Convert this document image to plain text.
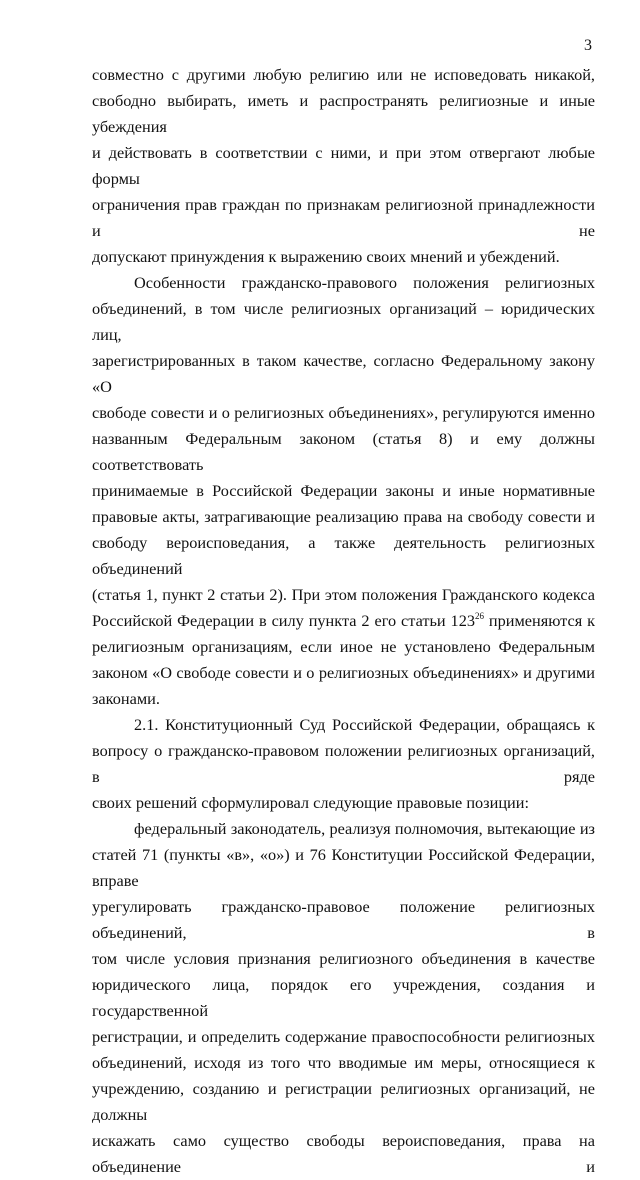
3

совместно с другими любую религию или не исповедовать никакой,

свободно выбирать, иметь и распространять религиозные и иные убеждения

и действовать в соответствии с ними, и при этом отвергают любые формы

ограничения прав граждан по признакам религиозной принадлежности и не

допускают принуждения к выражению своих мнений и убеждений.

Особенности гражданско-правового положения религиозных

объединений, в том числе религиозных организаций – юридических лиц,

зарегистрированных в таком качестве, согласно Федеральному закону «О

свободе совести и о религиозных объединениях», регулируются именно

названным Федеральным законом (статья 8) и ему должны соответствовать

принимаемые в Российской Федерации законы и иные нормативные

правовые акты, затрагивающие реализацию права на свободу совести и

свободу вероисповедания, а также деятельность религиозных объединений

(статья 1, пункт 2 статьи 2). При этом положения Гражданского кодекса

Российской Федерации в силу пункта 2 его статьи $123^{26}$ применяются к

религиозным организациям, если иное не установлено Федеральным

законом «О свободе совести и о религиозных объединениях» и другими

законами.

2.1. Конституционный Суд Российской Федерации, обращаясь к

вопросу о гражданско-правовом положении религиозных организаций, в ряде

своих решений сформулировал следующие правовые позиции:

федеральный законодатель, реализуя полномочия, вытекающие из

статей 71 (пункты «в», «о») и 76 Конституции Российской Федерации, вправе

урегулировать гражданско-правовое положение религиозных объединений, в

том числе условия признания религиозного объединения в качестве

юридического лица, порядок его учреждения, создания и государственной

регистрации, и определить содержание правоспособности религиозных

объединений, исходя из того что вводимые им меры, относящиеся к

учреждению, созданию и регистрации религиозных организаций, не должны

искажать само существо свободы вероисповедания, права на объединение и
